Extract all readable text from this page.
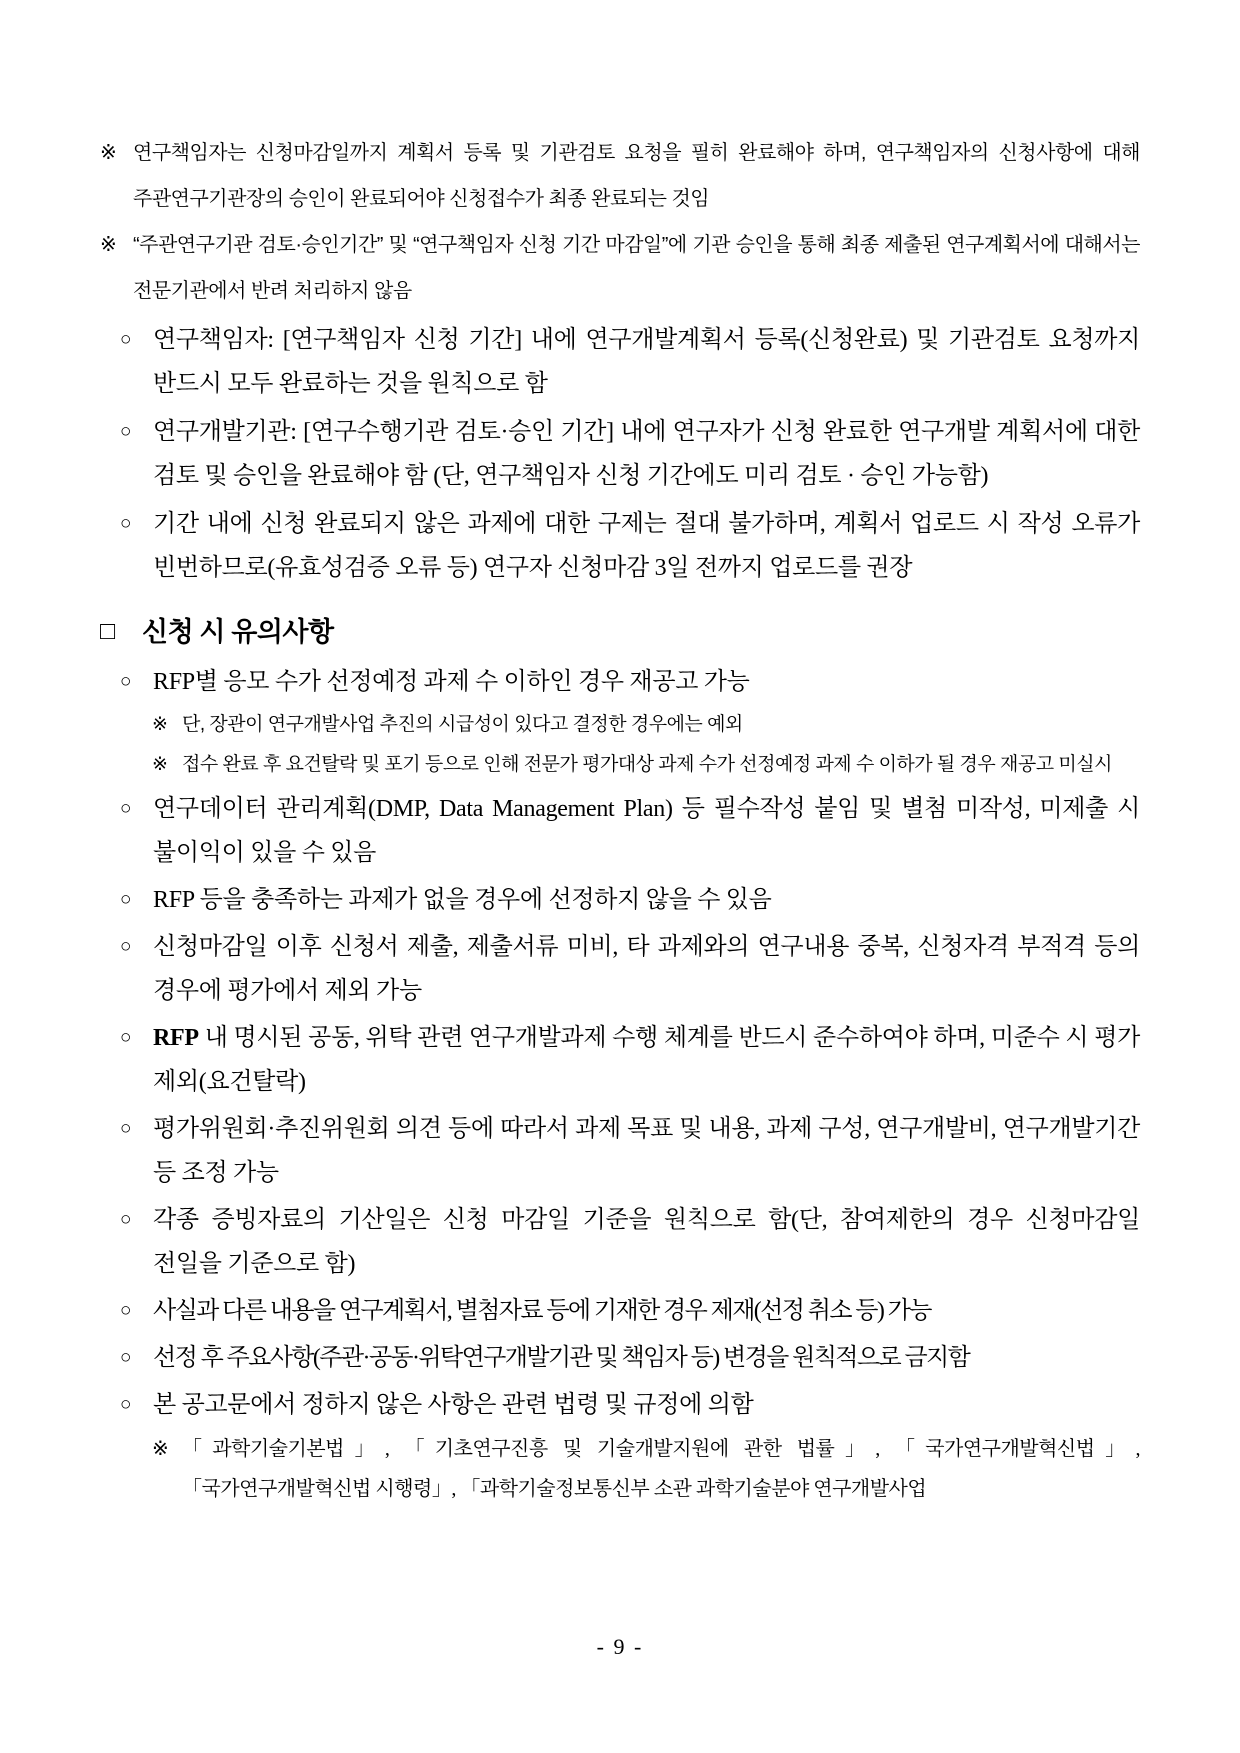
※ 연구책임자는 신청마감일까지 계획서 등록 및 기관검토 요청을 필히 완료해야 하며, 연구책임자의 신청사항에 대해 주관연구기관장의 승인이 완료되어야 신청접수가 최종 완료되는 것임
※ “주관연구기관 검토·승인기간” 및 “연구책임자 신청 기간 마감일”에 기관 승인을 통해 최종 제출된 연구계획서에 대해서는 전문기관에서 반려 처리하지 않음
○ 연구책임자: [연구책임자 신청 기간] 내에 연구개발계획서 등록(신청완료) 및 기관검토 요청까지 반드시 모두 완료하는 것을 원칙으로 함
○ 연구개발기관: [연구수행기관 검토·승인 기간] 내에 연구자가 신청 완료한 연구개발 계획서에 대한 검토 및 승인을 완료해야 함 (단, 연구책임자 신청 기간에도 미리 검토 · 승인 가능함)
○ 기간 내에 신청 완료되지 않은 과제에 대한 구제는 절대 불가하며, 계획서 업로드 시 작성 오류가 빈번하므로(유효성검증 오류 등) 연구자 신청마감 3일 전까지 업로드를 권장
□	신청 시 유의사항
○ RFP별 응모 수가 선정예정 과제 수 이하인 경우 재공고 가능
※ 단, 장관이 연구개발사업 추진의 시급성이 있다고 결정한 경우에는 예외
※ 접수 완료 후 요건탈락 및 포기 등으로 인해 전문가 평가대상 과제 수가 선정예정 과제 수 이하가 될 경우 재공고 미실시
○ 연구데이터 관리계획(DMP, Data Management Plan) 등 필수작성 붙임 및 별첨 미작성, 미제출 시 불이익이 있을 수 있음
○ RFP 등을 충족하는 과제가 없을 경우에 선정하지 않을 수 있음
○ 신청마감일 이후 신청서 제출, 제출서류 미비, 타 과제와의 연구내용 중복, 신청자격 부적격 등의 경우에 평가에서 제외 가능
○ RFP 내 명시된 공동, 위탁 관련 연구개발과제 수행 체계를 반드시 준수하여야 하며, 미준수 시 평가 제외(요건탈락)
○ 평가위원회·추진위원회 의견 등에 따라서 과제 목표 및 내용, 과제 구성, 연구개발비, 연구개발기간 등 조정 가능
○ 각종 증빙자료의 기산일은 신청 마감일 기준을 원칙으로 함(단, 참여제한의 경우 신청마감일 전일을 기준으로 함)
○ 사실과 다른 내용을 연구계획서, 별첨자료 등에 기재한 경우 제재(선정 취소 등) 가능
○ 선정 후 주요사항(주관·공동·위탁연구개발기관 및 책임자 등) 변경을 원칙적으로 금지함
○ 본 공고문에서 정하지 않은 사항은 관련 법령 및 규정에 의함
※ 「과학기술기본법」, 「기초연구진흥 및 기술개발지원에 관한 법률」, 「국가연구개발혁신법」, 「국가연구개발혁신법 시행령」, 「과학기술정보통신부 소관 과학기술분야 연구개발사업
- 9 -
